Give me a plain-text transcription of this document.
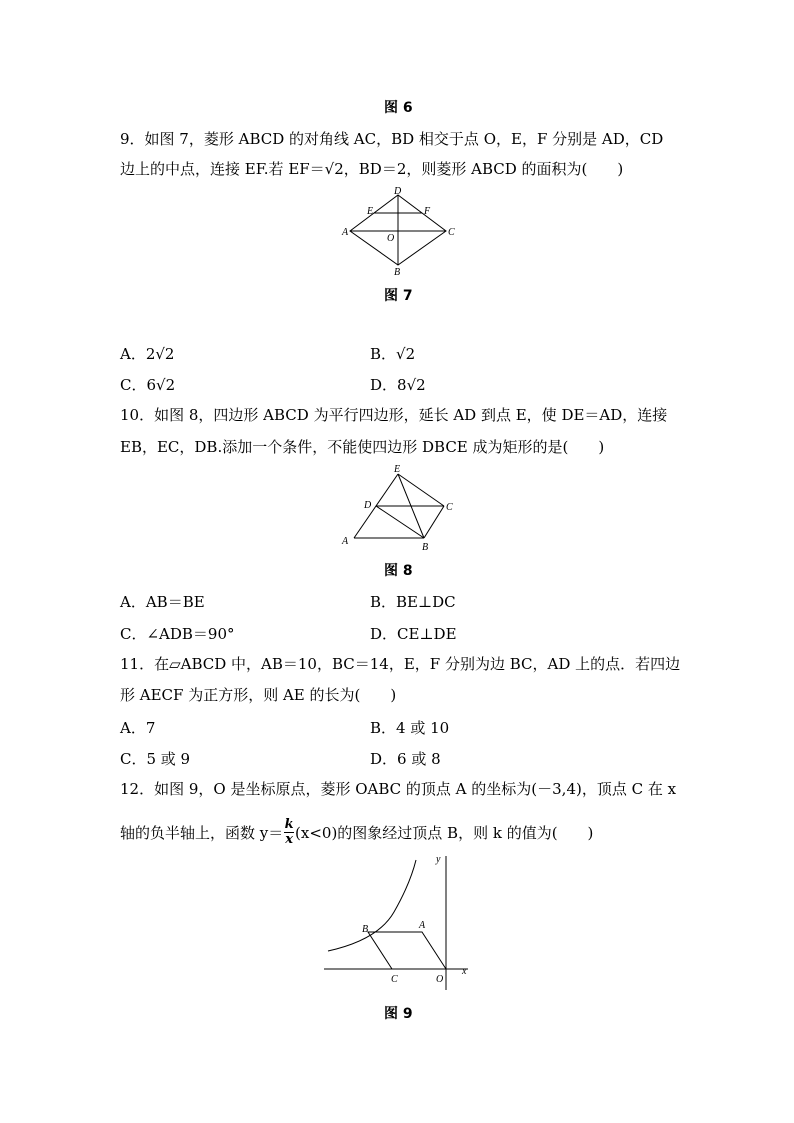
图 6
9．如图 7，菱形 ABCD 的对角线 AC，BD 相交于点 O，E，F 分别是 AD，CD
边上的中点，连接 EF.若 EF＝√2，BD＝2，则菱形 ABCD 的面积为(　　)
D
E	F
A
O
C
B
图 7
A．2√2	B．√2
C．6√2	D．8√2
10．如图 8，四边形 ABCD 为平行四边形，延长 AD 到点 E，使 DE＝AD，连接
EB，EC，DB.添加一个条件，不能使四边形 DBCE 成为矩形的是(　　)
E
D	C
A
B
图 8
A．AB＝BE	B．BE⊥DC
C．∠ADB＝90°	D．CE⊥DE
11．在▱ABCD 中，AB＝10，BC＝14，E，F 分别为边 BC，AD 上的点．若四边
形 AECF 为正方形，则 AE 的长为(　　)
A．7	B．4 或 10
C．5 或 9	D．6 或 8
12．如图 9，O 是坐标原点，菱形 OABC 的顶点 A 的坐标为(－3,4)，顶点 C 在 x
轴的负半轴上，函数 $y= \frac{k}{x} (x<0)$的图象经过顶点 B，则 k 的值为(　　)
y
B	A
C	O
x
图 9
